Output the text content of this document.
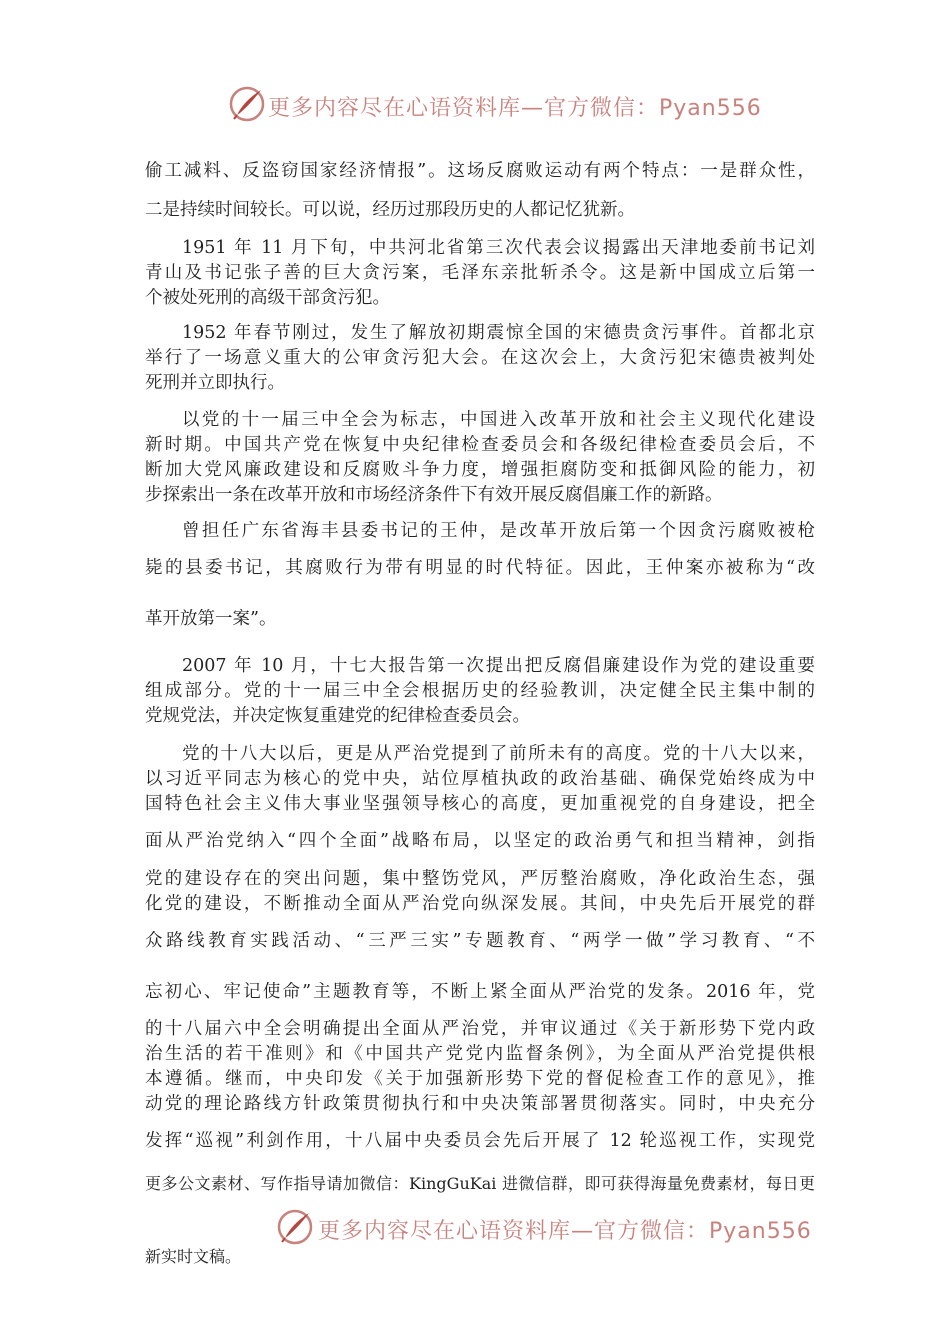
更多内容尽在心语资料库—官方微信：Pyan556
偷工减料、反盗窃国家经济情报”。这场反腐败运动有两个特点：一是群众性，
二是持续时间较长。可以说，经历过那段历史的人都记忆犹新。
1951 年 11 月下旬，中共河北省第三次代表会议揭露出天津地委前书记刘
青山及书记张子善的巨大贪污案，毛泽东亲批斩杀令。这是新中国成立后第一
个被处死刑的高级干部贪污犯。
1952 年春节刚过，发生了解放初期震惊全国的宋德贵贪污事件。首都北京
举行了一场意义重大的公审贪污犯大会。在这次会上，大贪污犯宋德贵被判处
死刑并立即执行。
以党的十一届三中全会为标志，中国进入改革开放和社会主义现代化建设
新时期。中国共产党在恢复中央纪律检查委员会和各级纪律检查委员会后，不
断加大党风廉政建设和反腐败斗争力度，增强拒腐防变和抵御风险的能力，初
步探索出一条在改革开放和市场经济条件下有效开展反腐倡廉工作的新路。
曾担任广东省海丰县委书记的王仲，是改革开放后第一个因贪污腐败被枪
毙的县委书记，其腐败行为带有明显的时代特征。因此，王仲案亦被称为“改
革开放第一案”。
2007 年 10 月，十七大报告第一次提出把反腐倡廉建设作为党的建设重要
组成部分。党的十一届三中全会根据历史的经验教训，决定健全民主集中制的
党规党法，并决定恢复重建党的纪律检查委员会。
党的十八大以后，更是从严治党提到了前所未有的高度。党的十八大以来，
以习近平同志为核心的党中央，站位厚植执政的政治基础、确保党始终成为中
国特色社会主义伟大事业坚强领导核心的高度，更加重视党的自身建设，把全
面从严治党纳入“四个全面”战略布局，以坚定的政治勇气和担当精神，剑指
党的建设存在的突出问题，集中整饬党风，严厉整治腐败，净化政治生态，强
化党的建设，不断推动全面从严治党向纵深发展。其间，中央先后开展党的群
众路线教育实践活动、“三严三实”专题教育、“两学一做”学习教育、“不
忘初心、牢记使命”主题教育等，不断上紧全面从严治党的发条。2016 年，党
的十八届六中全会明确提出全面从严治党，并审议通过《关于新形势下党内政
治生活的若干准则》和《中国共产党党内监督条例》，为全面从严治党提供根
本遵循。继而，中央印发《关于加强新形势下党的督促检查工作的意见》，推
动党的理论路线方针政策贯彻执行和中央决策部署贯彻落实。同时，中央充分
发挥“巡视”利剑作用，十八届中央委员会先后开展了 12 轮巡视工作，实现党
更多公文素材、写作指导请加微信：KingGuKai 进微信群，即可获得海量免费素材，每日更
更多内容尽在心语资料库—官方微信：Pyan556
新实时文稿。
